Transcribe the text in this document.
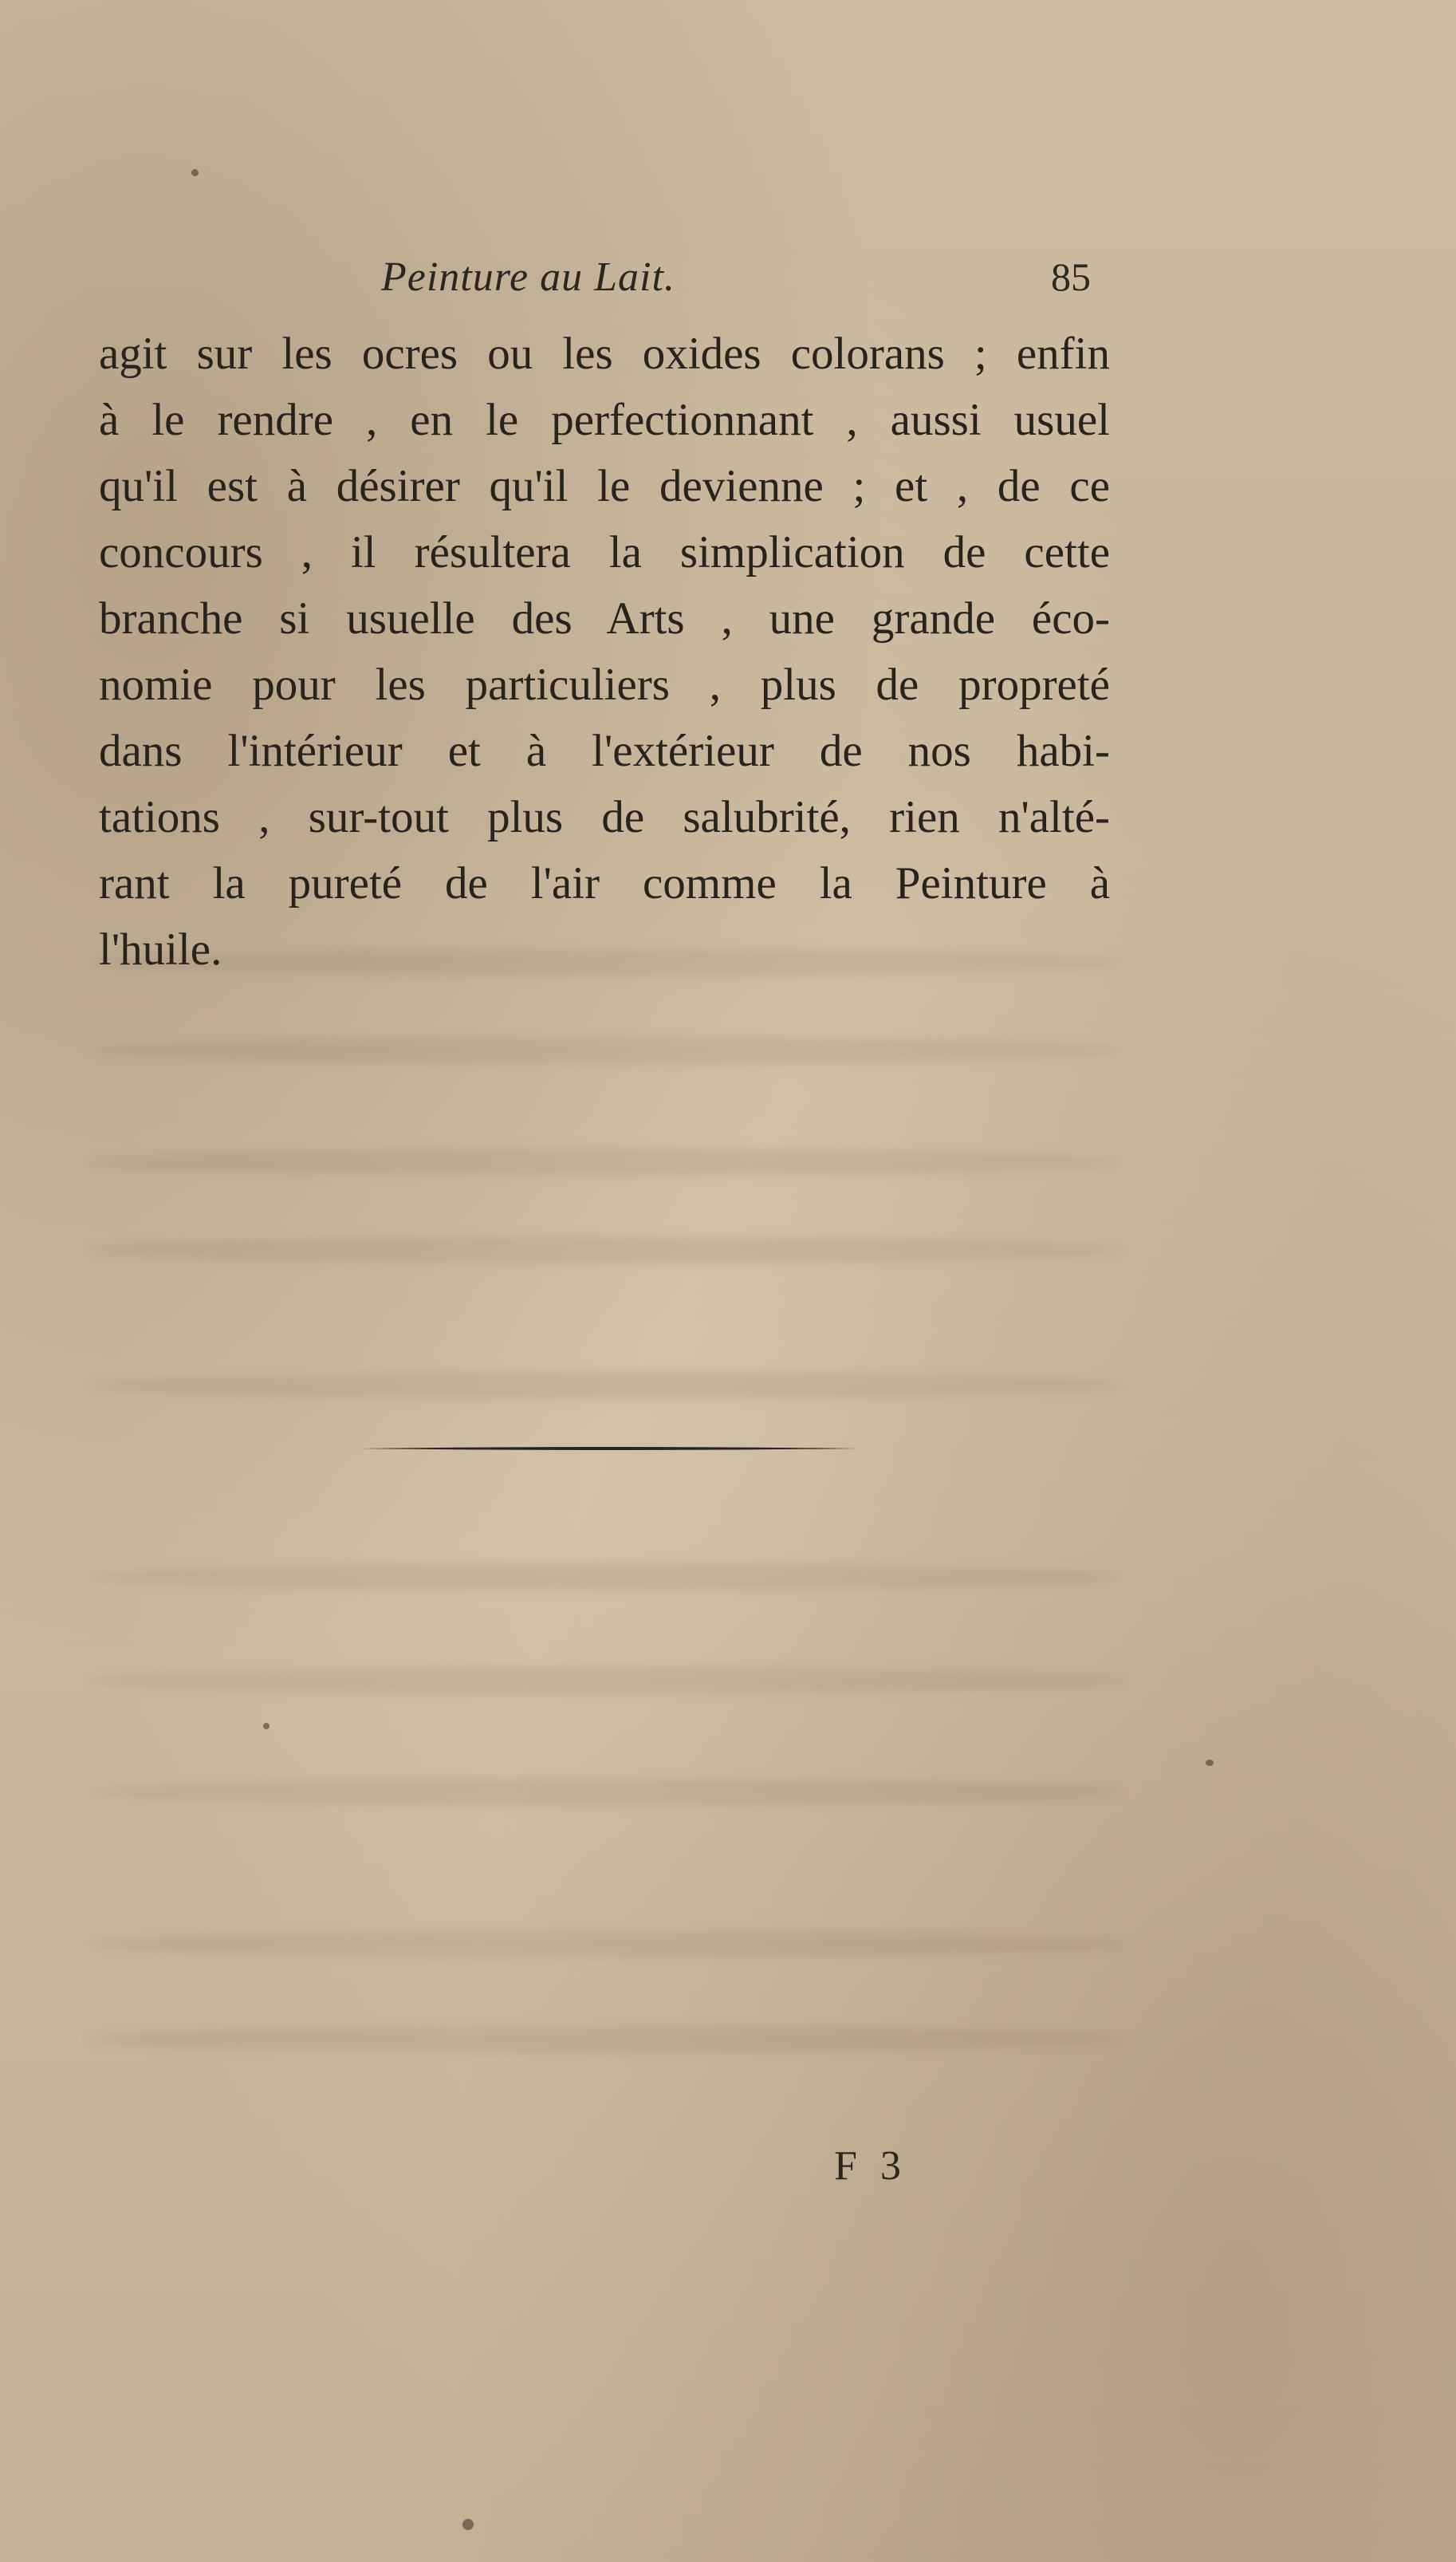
Peinture au Lait.	85
agit sur les ocres ou les oxides colorans ; enfin
à le rendre , en le perfectionnant , aussi usuel
qu'il est à désirer qu'il le devienne ; et , de ce
concours , il résultera la simplication de cette
branche si usuelle des Arts , une grande éco-
nomie pour les particuliers , plus de propreté
dans l'intérieur et à l'extérieur de nos habi-
tations , sur-tout plus de salubrité, rien n'alté-
rant la pureté de l'air comme la Peinture à
l'huile.
F 3
